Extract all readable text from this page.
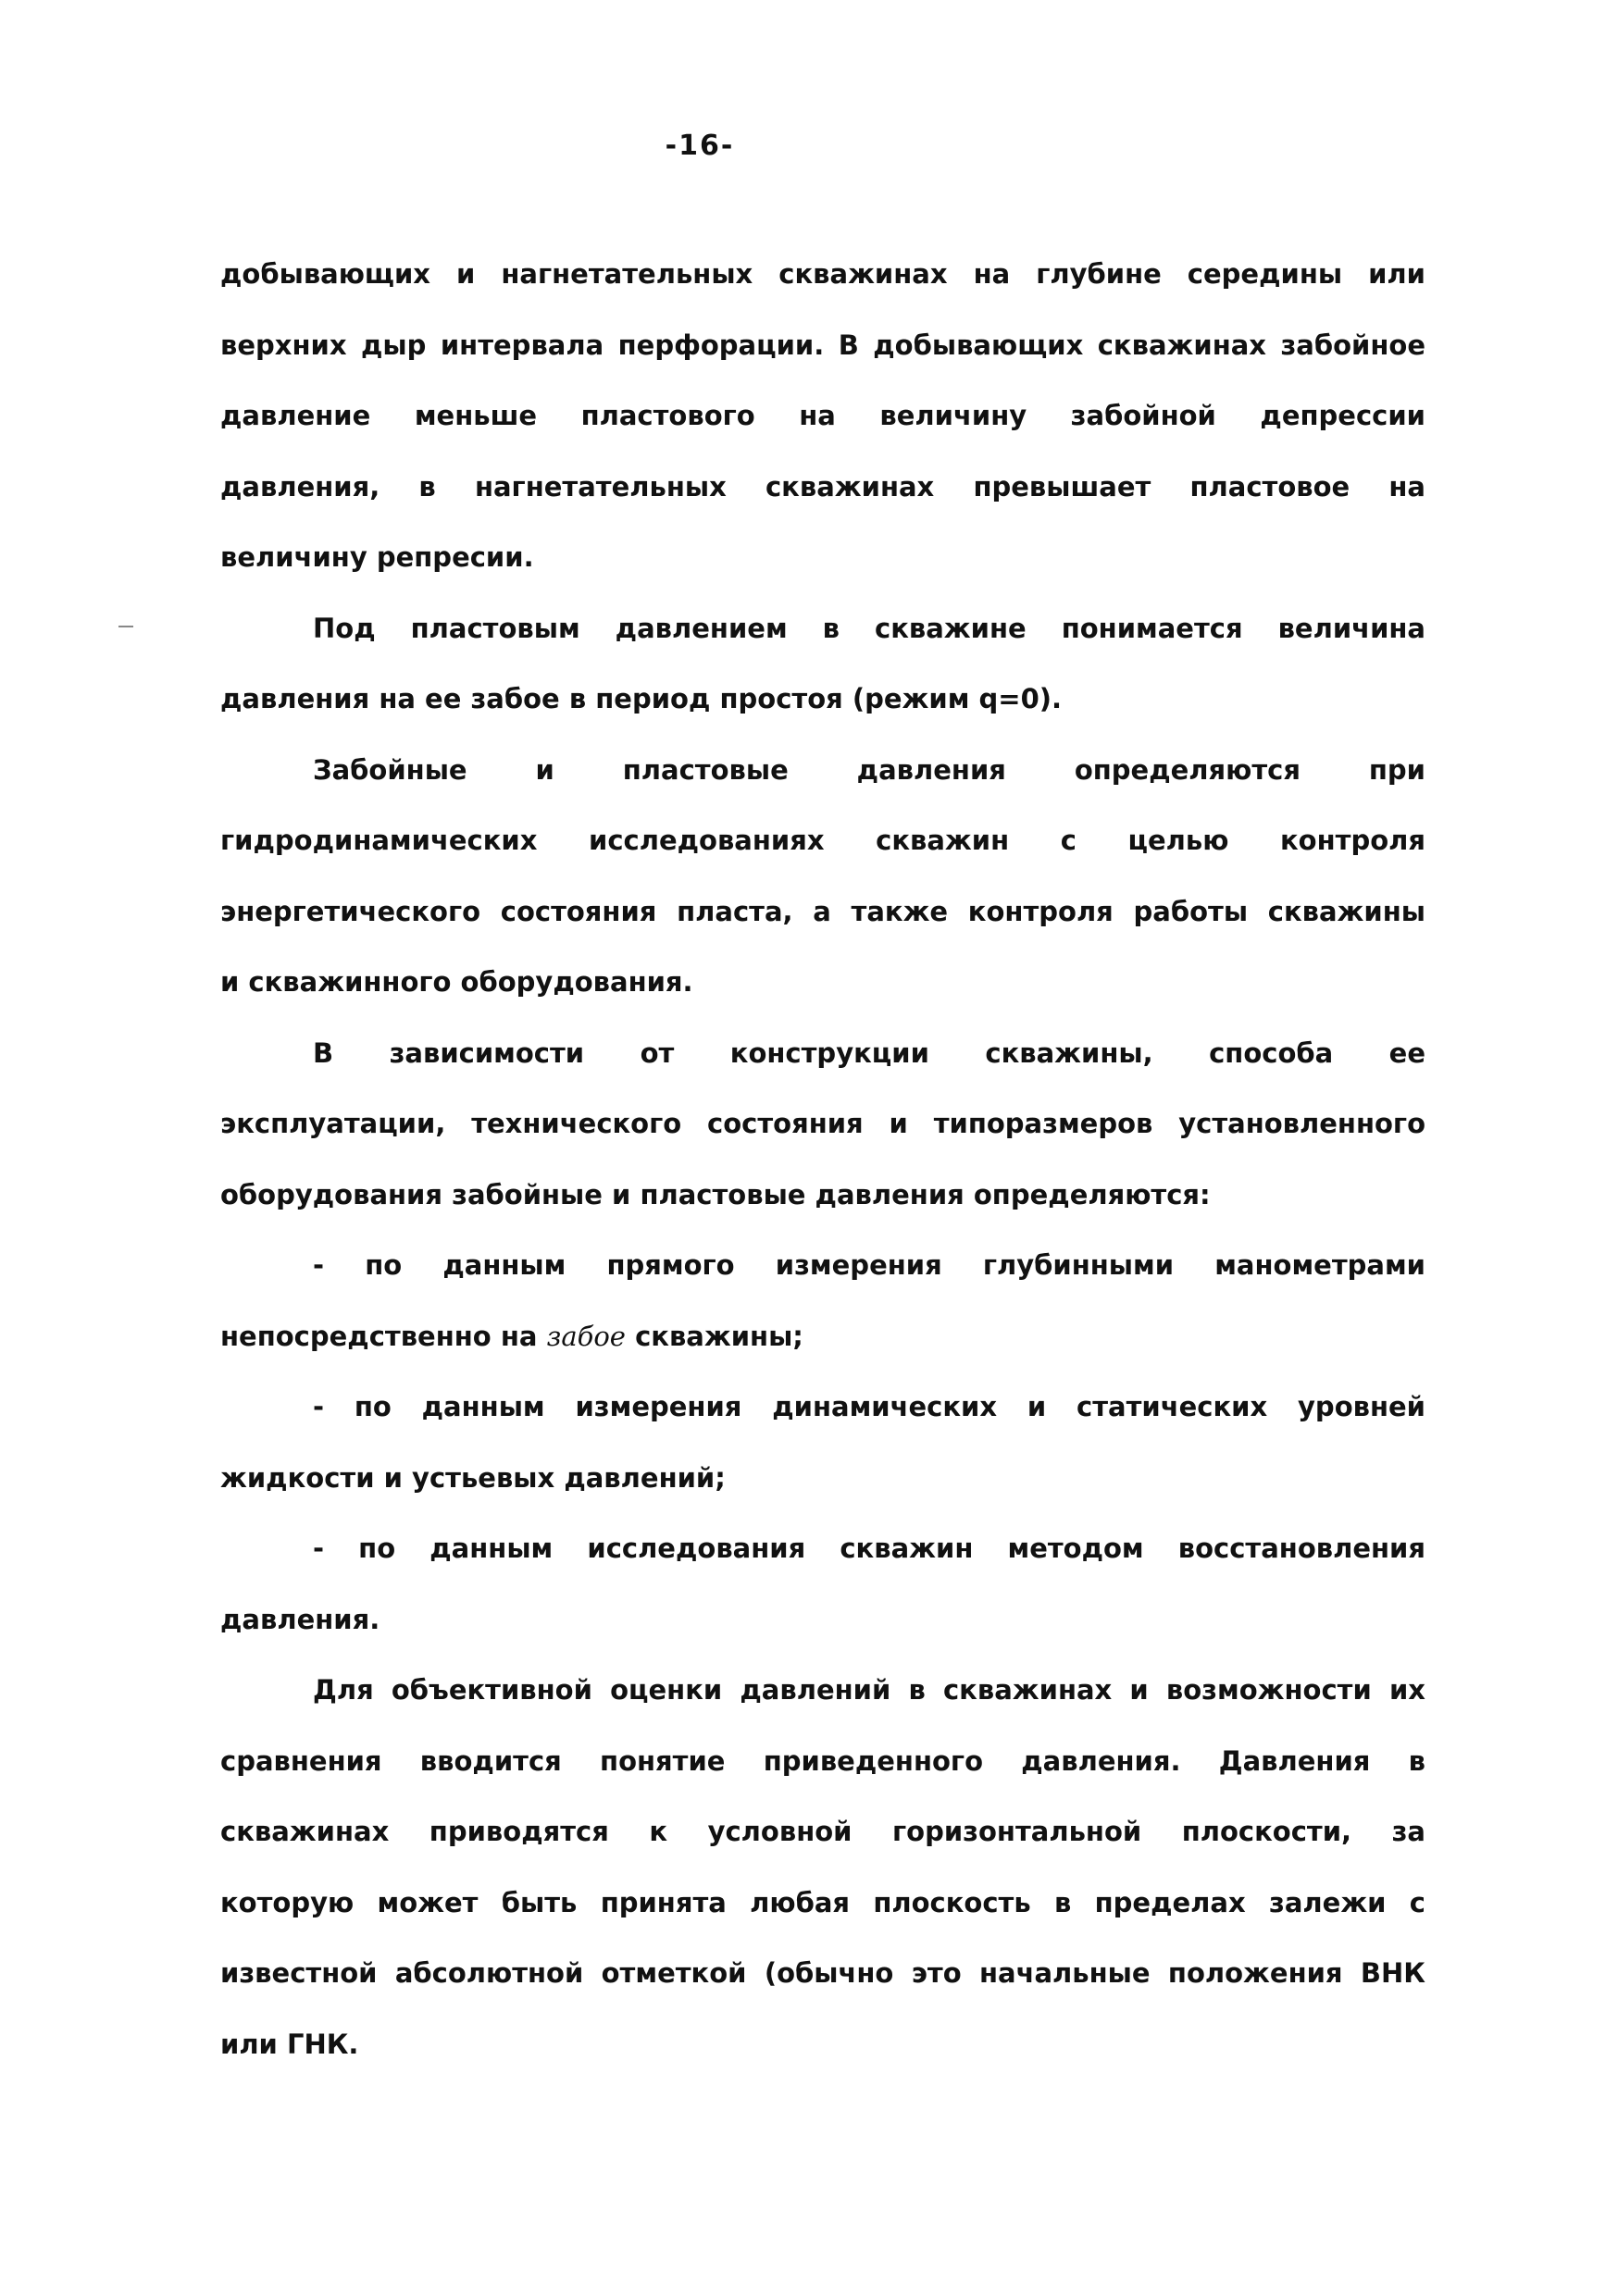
-16-
добывающих и нагнетательных скважинах на глубине середины или
верхних дыр интервала перфорации. В добывающих скважинах забойное
давление меньше пластового на величину забойной депрессии
давления, в нагнетательных скважинах превышает пластовое на
величину репресии.
Под пластовым давлением в скважине понимается величина
давления на ее забое в период простоя (режим q=0).
Забойные и пластовые давления определяются при
гидродинамических исследованиях скважин с целью контроля
энергетического состояния пласта, а также контроля работы скважины
и скважинного оборудования.
В зависимости от конструкции скважины, способа ее
эксплуатации, технического состояния и типоразмеров установленного
оборудования забойные и пластовые давления определяются:
- по данным прямого измерения глубинными манометрами
непосредственно на забое скважины;
- по данным измерения динамических и статических уровней
жидкости и устьевых давлений;
- по данным исследования скважин методом восстановления
давления.
Для объективной оценки давлений в скважинах и возможности их
сравнения вводится понятие приведенного давления. Давления в
скважинах приводятся к условной горизонтальной плоскости, за
которую может быть принята любая плоскость в пределах залежи с
известной абсолютной отметкой (обычно это начальные положения ВНК
или ГНК.
